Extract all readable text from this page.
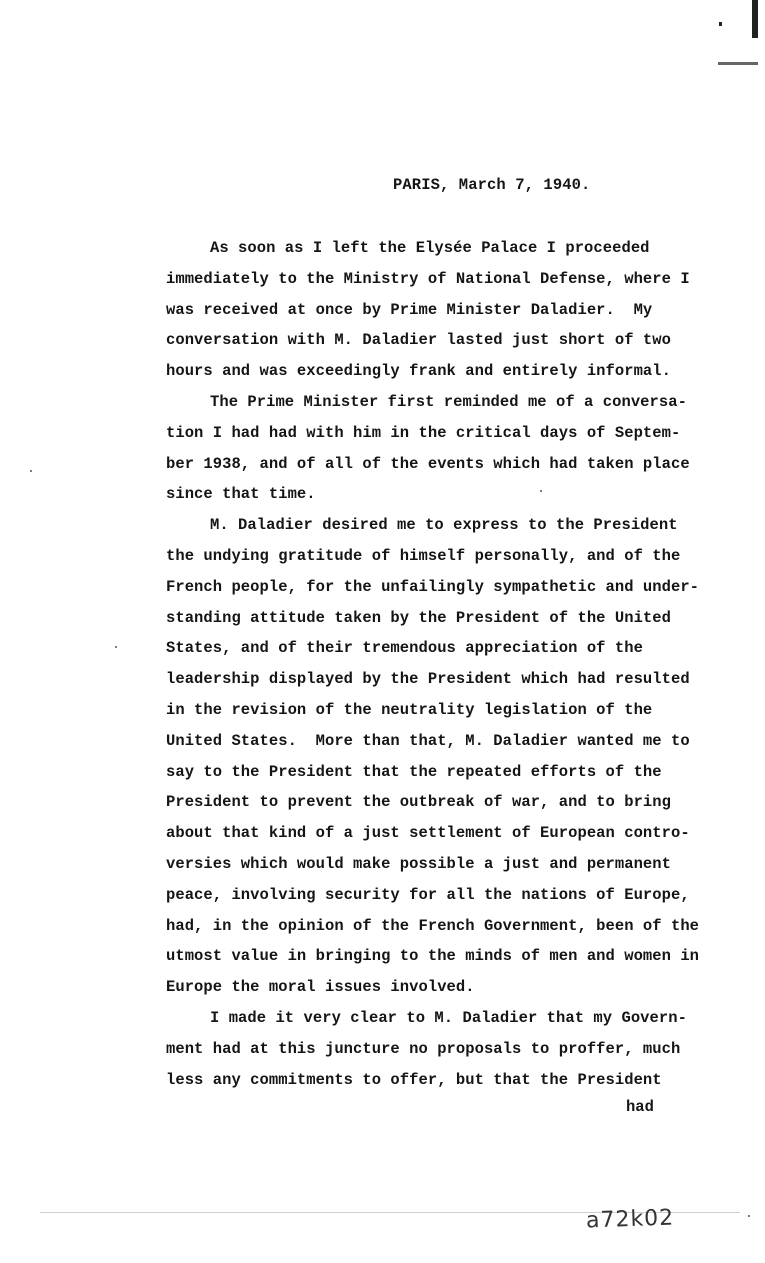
PARIS, March 7, 1940.
As soon as I left the Elysée Palace I proceeded
immediately to the Ministry of National Defense, where I
was received at once by Prime Minister Daladier.  My
conversation with M. Daladier lasted just short of two
hours and was exceedingly frank and entirely informal.
The Prime Minister first reminded me of a conversa-
tion I had had with him in the critical days of Septem-
ber 1938, and of all of the events which had taken place
since that time.
M. Daladier desired me to express to the President
the undying gratitude of himself personally, and of the
French people, for the unfailingly sympathetic and under-
standing attitude taken by the President of the United
States, and of their tremendous appreciation of the
leadership displayed by the President which had resulted
in the revision of the neutrality legislation of the
United States.  More than that, M. Daladier wanted me to
say to the President that the repeated efforts of the
President to prevent the outbreak of war, and to bring
about that kind of a just settlement of European contro-
versies which would make possible a just and permanent
peace, involving security for all the nations of Europe,
had, in the opinion of the French Government, been of the
utmost value in bringing to the minds of men and women in
Europe the moral issues involved.
I made it very clear to M. Daladier that my Govern-
ment had at this juncture no proposals to proffer, much
less any commitments to offer, but that the President
had
a72k02
